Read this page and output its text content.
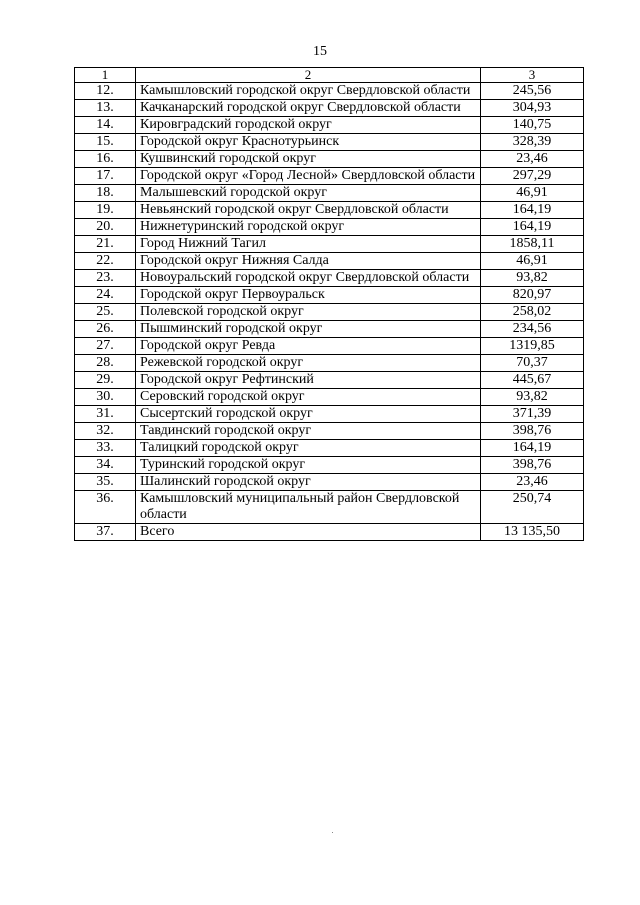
15
1	2	3
12.	Камышловский городской округ Свердловской области	245,56
13.	Качканарский городской округ Свердловской области	304,93
14.	Кировградский городской округ	140,75
15.	Городской округ Краснотурьинск	328,39
16.	Кушвинский городской округ	23,46
17.	Городской округ «Город Лесной» Свердловской области	297,29
18.	Малышевский городской округ	46,91
19.	Невьянский городской округ Свердловской области	164,19
20.	Нижнетуринский городской округ	164,19
21.	Город Нижний Тагил	1858,11
22.	Городской округ Нижняя Салда	46,91
23.	Новоуральский городской округ Свердловской области	93,82
24.	Городской округ Первоуральск	820,97
25.	Полевской городской округ	258,02
26.	Пышминский городской округ	234,56
27.	Городской округ Ревда	1319,85
28.	Режевской городской округ	70,37
29.	Городской округ Рефтинский	445,67
30.	Серовский городской округ	93,82
31.	Сысертский городской округ	371,39
32.	Тавдинский городской округ	398,76
33.	Талицкий городской округ	164,19
34.	Туринский городской округ	398,76
35.	Шалинский городской округ	23,46
36.	Камышловский муниципальный район Свердловской области	250,74
37.	Всего	13 135,50
